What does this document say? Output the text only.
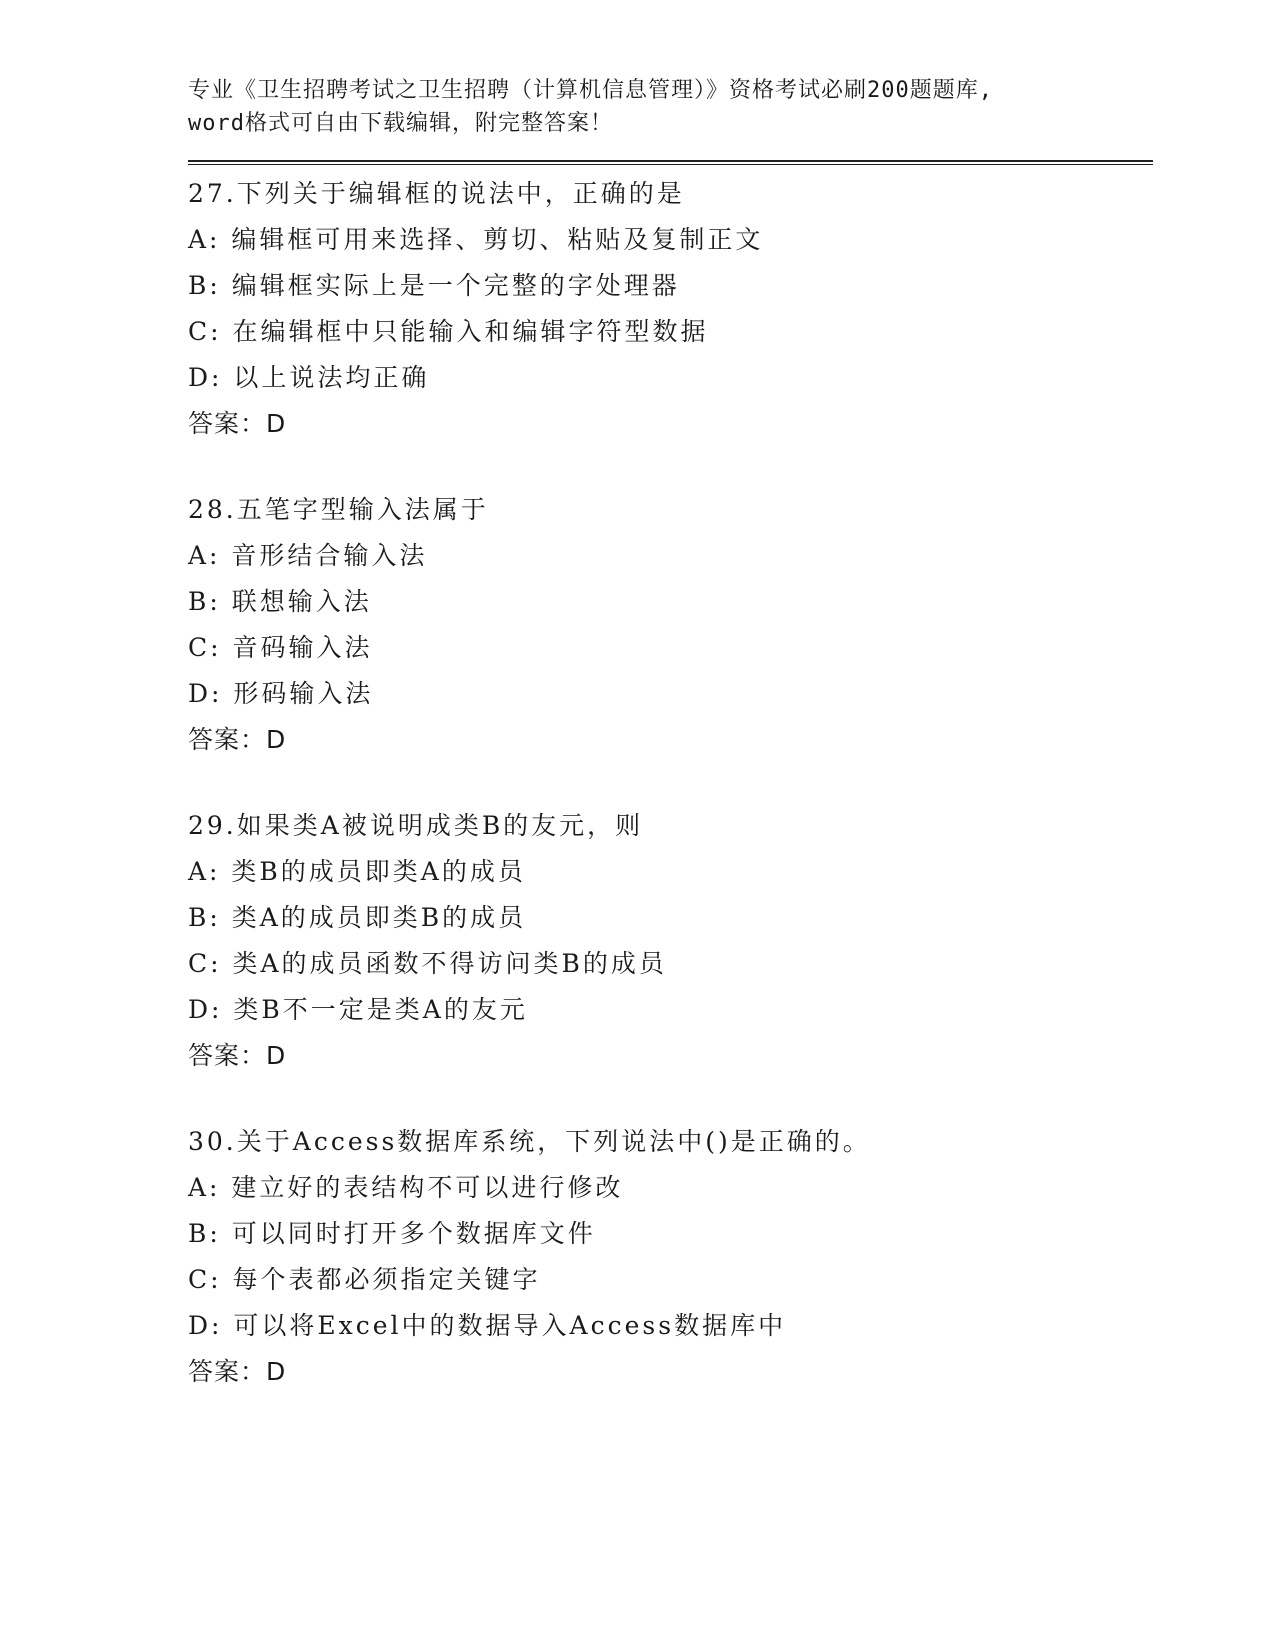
专业《卫生招聘考试之卫生招聘（计算机信息管理）》资格考试必刷200题题库,
word格式可自由下载编辑，附完整答案！
27.下列关于编辑框的说法中，正确的是
A: 编辑框可用来选择、剪切、粘贴及复制正文
B: 编辑框实际上是一个完整的字处理器
C: 在编辑框中只能输入和编辑字符型数据
D: 以上说法均正确
答案：D
28.五笔字型输入法属于
A: 音形结合输入法
B: 联想输入法
C: 音码输入法
D: 形码输入法
答案：D
29.如果类A被说明成类B的友元，则
A: 类B的成员即类A的成员
B: 类A的成员即类B的成员
C: 类A的成员函数不得访问类B的成员
D: 类B不一定是类A的友元
答案：D
30.关于Access数据库系统，下列说法中()是正确的。
A: 建立好的表结构不可以进行修改
B: 可以同时打开多个数据库文件
C: 每个表都必须指定关键字
D: 可以将Excel中的数据导入Access数据库中
答案：D
